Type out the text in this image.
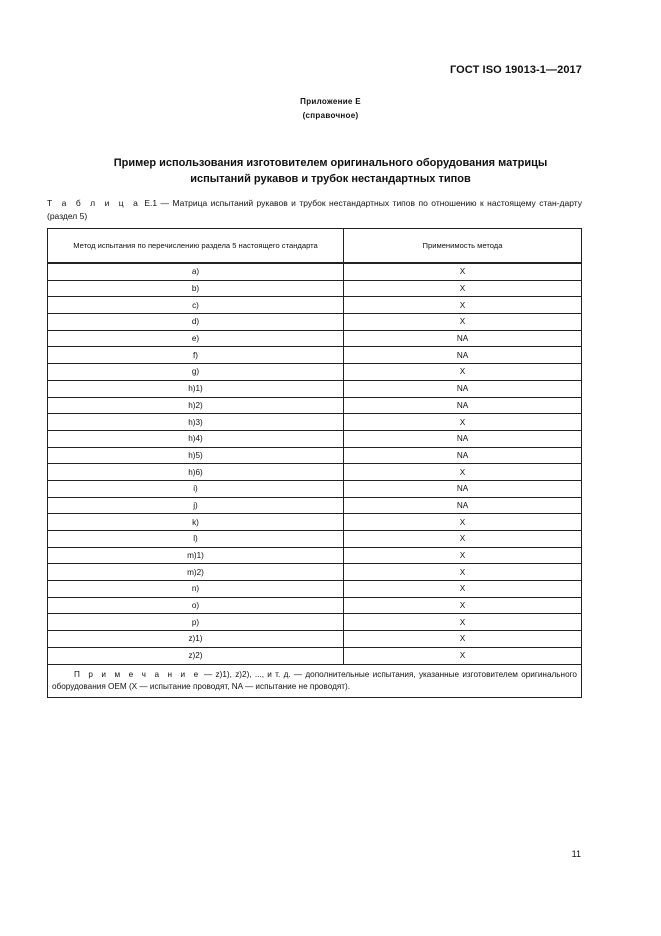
ГОСТ ISO 19013-1—2017
Приложение Е
(справочное)
Пример использования изготовителем оригинального оборудования матрицы
испытаний рукавов и трубок нестандартных типов
Т а б л и ц а Е.1 — Матрица испытаний рукавов и трубок нестандартных типов по отношению к настоящему стан-дарту (раздел 5)
Метод испытания по перечислению раздела 5 настоящего стандарта	Применимость метода
a)	X
b)	X
c)	X
d)	X
e)	NA
f)	NA
g)	X
h)1)	NA
h)2)	NA
h)3)	X
h)4)	NA
h)5)	NA
h)6)	X
i)	NA
j)	NA
k)	X
l)	X
m)1)	X
m)2)	X
n)	X
o)	X
p)	X
z)1)	X
z)2)	X
П р и м е ч а н и е — z)1), z)2), ..., и т. д. — дополнительные испытания, указанные изготовителем оригинального оборудования OEM (X — испытание проводят, NA — испытание не проводят).	
11
